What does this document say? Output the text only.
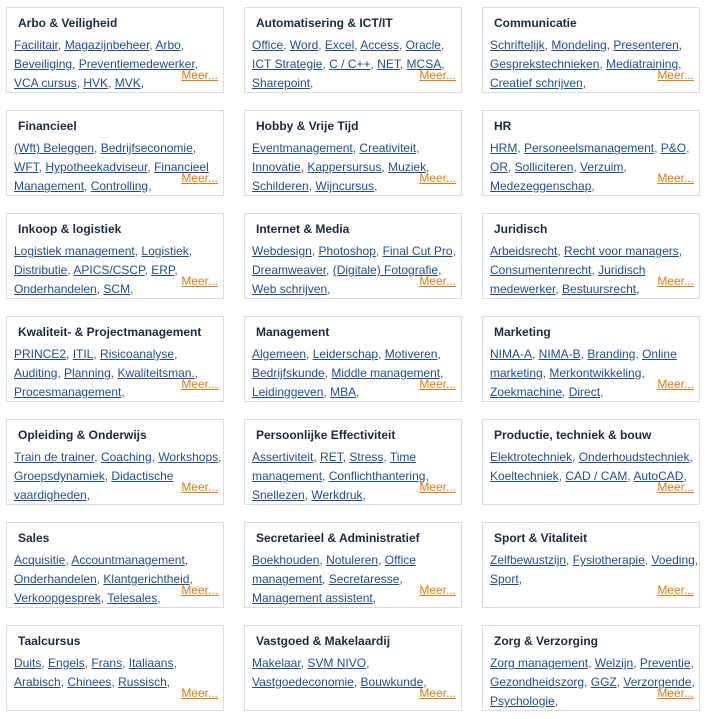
Arbo & Veiligheid
Facilitair, Magazijnbeheer, Arbo, Beveiliging, Preventiemedewerker, VCA cursus, HVK, MVK,
Meer...
Automatisering & ICT/IT
Office, Word, Excel, Access, Oracle, ICT Strategie, C / C++, NET, MCSA, Sharepoint,
Meer...
Communicatie
Schriftelijk, Mondeling, Presenteren, Gesprekstechnieken, Mediatraining, Creatief schrijven,
Meer...
Financieel
(Wft) Beleggen, Bedrijfseconomie, WFT, Hypotheekadviseur, Financieel Management, Controlling,
Meer...
Hobby & Vrije Tijd
Eventmanagement, Creativiteit, Innovatie, Kappersursus, Muziek, Schilderen, Wijncursus,
Meer...
HR
HRM, Personeelsmanagement, P&O, OR, Solliciteren, Verzuim, Medezeggenschap,
Meer...
Inkoop & logistiek
Logistiek management, Logistiek, Distributie, APICS/CSCP, ERP, Onderhandelen, SCM,
Meer...
Internet & Media
Webdesign, Photoshop, Final Cut Pro, Dreamweaver, (Digitale) Fotografie, Web schrijven,
Meer...
Juridisch
Arbeidsrecht, Recht voor managers, Consumentenrecht, Juridisch medewerker, Bestuursrecht,
Meer...
Kwaliteit- & Projectmanagement
PRINCE2, ITIL, Risicoanalyse, Auditing, Planning, Kwaliteitsman., Procesmanagement,
Meer...
Management
Algemeen, Leiderschap, Motiveren, Bedrijfskunde, Middle management, Leidinggeven, MBA,
Meer...
Marketing
NIMA-A, NIMA-B, Branding, Online marketing, Merkontwikkeling, Zoekmachine, Direct,
Meer...
Opleiding & Onderwijs
Train de trainer, Coaching, Workshops, Groepsdynamiek, Didactische vaardigheden,
Meer...
Persoonlijke Effectiviteit
Assertiviteit, RET, Stress, Time management, Conflichthantering, Snellezen, Werkdruk,
Meer...
Productie, techniek & bouw
Elektrotechniek, Onderhoudstechniek, Koeltechniek, CAD / CAM, AutoCAD,
Meer...
Sales
Acquisitie, Accountmanagement, Onderhandelen, Klantgerichtheid, Verkoopgesprek, Telesales,
Meer...
Secretarieel & Administratief
Boekhouden, Notuleren, Office management, Secretaresse, Management assistent,
Meer...
Sport & Vitaliteit
Zelfbewustzijn, Fysiotherapie, Voeding, Sport,
Meer...
Taalcursus
Duits, Engels, Frans, Italiaans, Arabisch, Chinees, Russisch,
Meer...
Vastgoed & Makelaardij
Makelaar, SVM NIVO, Vastgoedeconomie, Bouwkunde,
Meer...
Zorg & Verzorging
Zorg management, Welzijn, Preventie, Gezondheidszorg, GGZ, Verzorgende, Psychologie,
Meer...
